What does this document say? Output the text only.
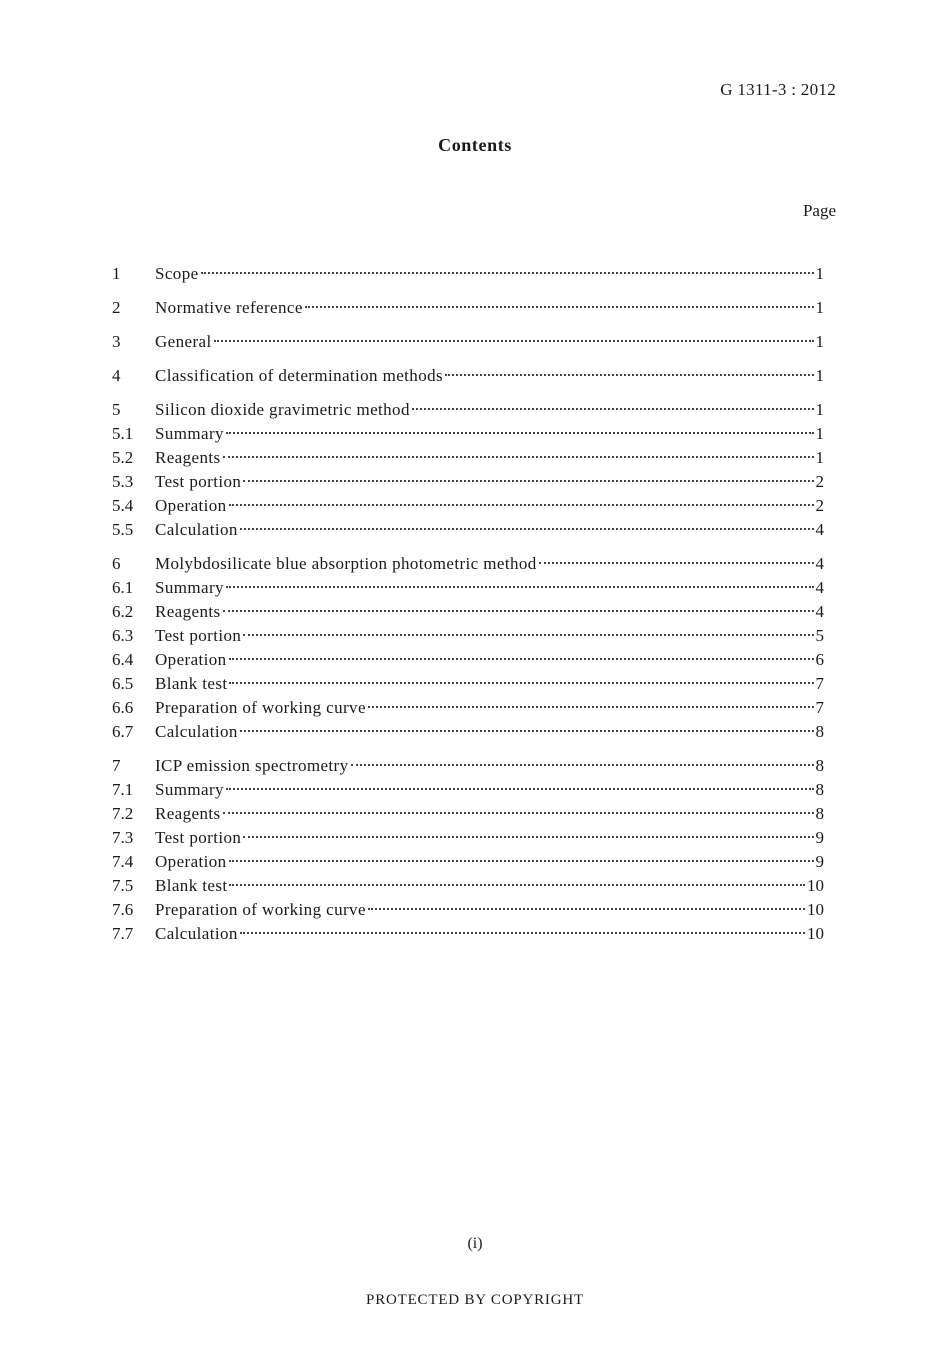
G 1311-3 : 2012
Contents
Page
1	Scope	1
2	Normative reference	1
3	General	1
4	Classification of determination methods	1
5	Silicon dioxide gravimetric method	1
5.1	Summary	1
5.2	Reagents	1
5.3	Test portion	2
5.4	Operation	2
5.5	Calculation	4
6	Molybdosilicate blue absorption photometric method	4
6.1	Summary	4
6.2	Reagents	4
6.3	Test portion	5
6.4	Operation	6
6.5	Blank test	7
6.6	Preparation of working curve	7
6.7	Calculation	8
7	ICP emission spectrometry	8
7.1	Summary	8
7.2	Reagents	8
7.3	Test portion	9
7.4	Operation	9
7.5	Blank test	10
7.6	Preparation of working curve	10
7.7	Calculation	10
(i)
PROTECTED BY COPYRIGHT
